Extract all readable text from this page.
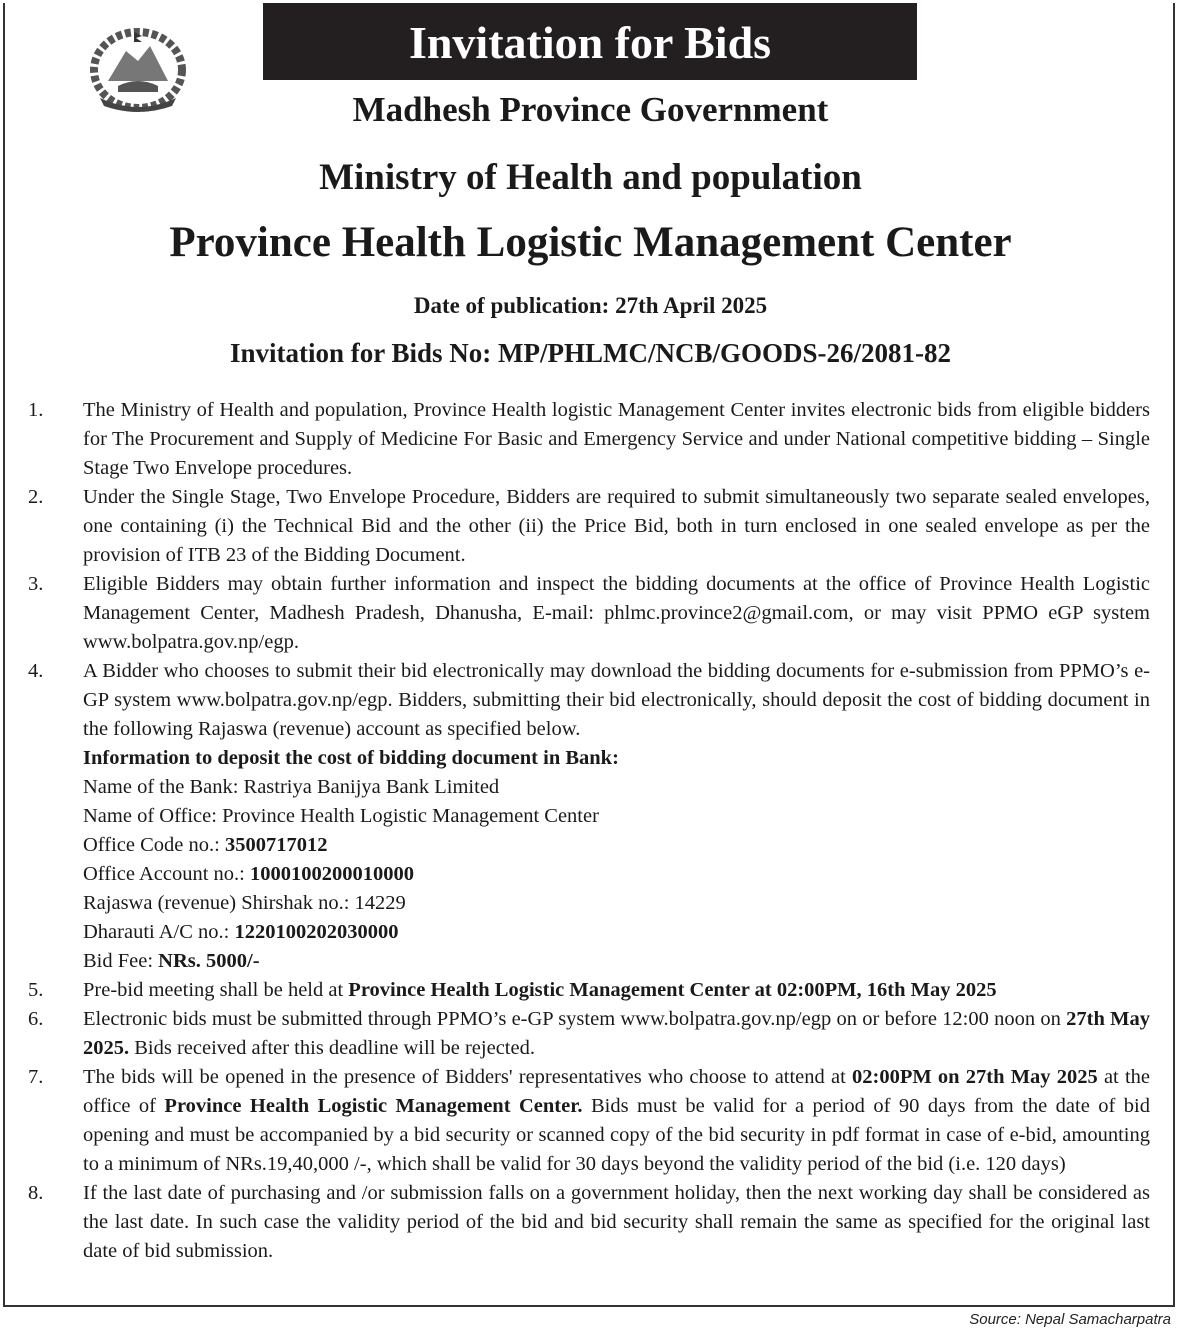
Invitation for Bids
Madhesh Province Government
Ministry of Health and population
Province Health Logistic Management Center
Date of publication: 27th April 2025
Invitation for Bids No: MP/PHLMC/NCB/GOODS-26/2081-82
1. The Ministry of Health and population, Province Health logistic Management Center invites electronic bids from eligible bidders for The Procurement and Supply of Medicine For Basic and Emergency Service and under National competitive bidding – Single Stage Two Envelope procedures.
2. Under the Single Stage, Two Envelope Procedure, Bidders are required to submit simultaneously two separate sealed envelopes, one containing (i) the Technical Bid and the other (ii) the Price Bid, both in turn enclosed in one sealed envelope as per the provision of ITB 23 of the Bidding Document.
3. Eligible Bidders may obtain further information and inspect the bidding documents at the office of Province Health Logistic Management Center, Madhesh Pradesh, Dhanusha, E-mail: phlmc.province2@gmail.com, or may visit PPMO eGP system www.bolpatra.gov.np/egp.
4. A Bidder who chooses to submit their bid electronically may download the bidding documents for e-submission from PPMO’s e-GP system www.bolpatra.gov.np/egp. Bidders, submitting their bid electronically, should deposit the cost of bidding document in the following Rajaswa (revenue) account as specified below.
Information to deposit the cost of bidding document in Bank:
Name of the Bank: Rastriya Banijya Bank Limited
Name of Office: Province Health Logistic Management Center
Office Code no.: 3500717012
Office Account no.: 1000100200010000
Rajaswa (revenue) Shirshak no.: 14229
Dharauti A/C no.: 1220100202030000
Bid Fee: NRs. 5000/-
5. Pre-bid meeting shall be held at Province Health Logistic Management Center at 02:00PM, 16th May 2025
6. Electronic bids must be submitted through PPMO’s e-GP system www.bolpatra.gov.np/egp on or before 12:00 noon on 27th May 2025. Bids received after this deadline will be rejected.
7. The bids will be opened in the presence of Bidders' representatives who choose to attend at 02:00PM on 27th May 2025 at the office of Province Health Logistic Management Center. Bids must be valid for a period of 90 days from the date of bid opening and must be accompanied by a bid security or scanned copy of the bid security in pdf format in case of e-bid, amounting to a minimum of NRs.19,40,000 /-, which shall be valid for 30 days beyond the validity period of the bid (i.e. 120 days)
8. If the last date of purchasing and /or submission falls on a government holiday, then the next working day shall be considered as the last date. In such case the validity period of the bid and bid security shall remain the same as specified for the original last date of bid submission.
Source: Nepal Samacharpatra
